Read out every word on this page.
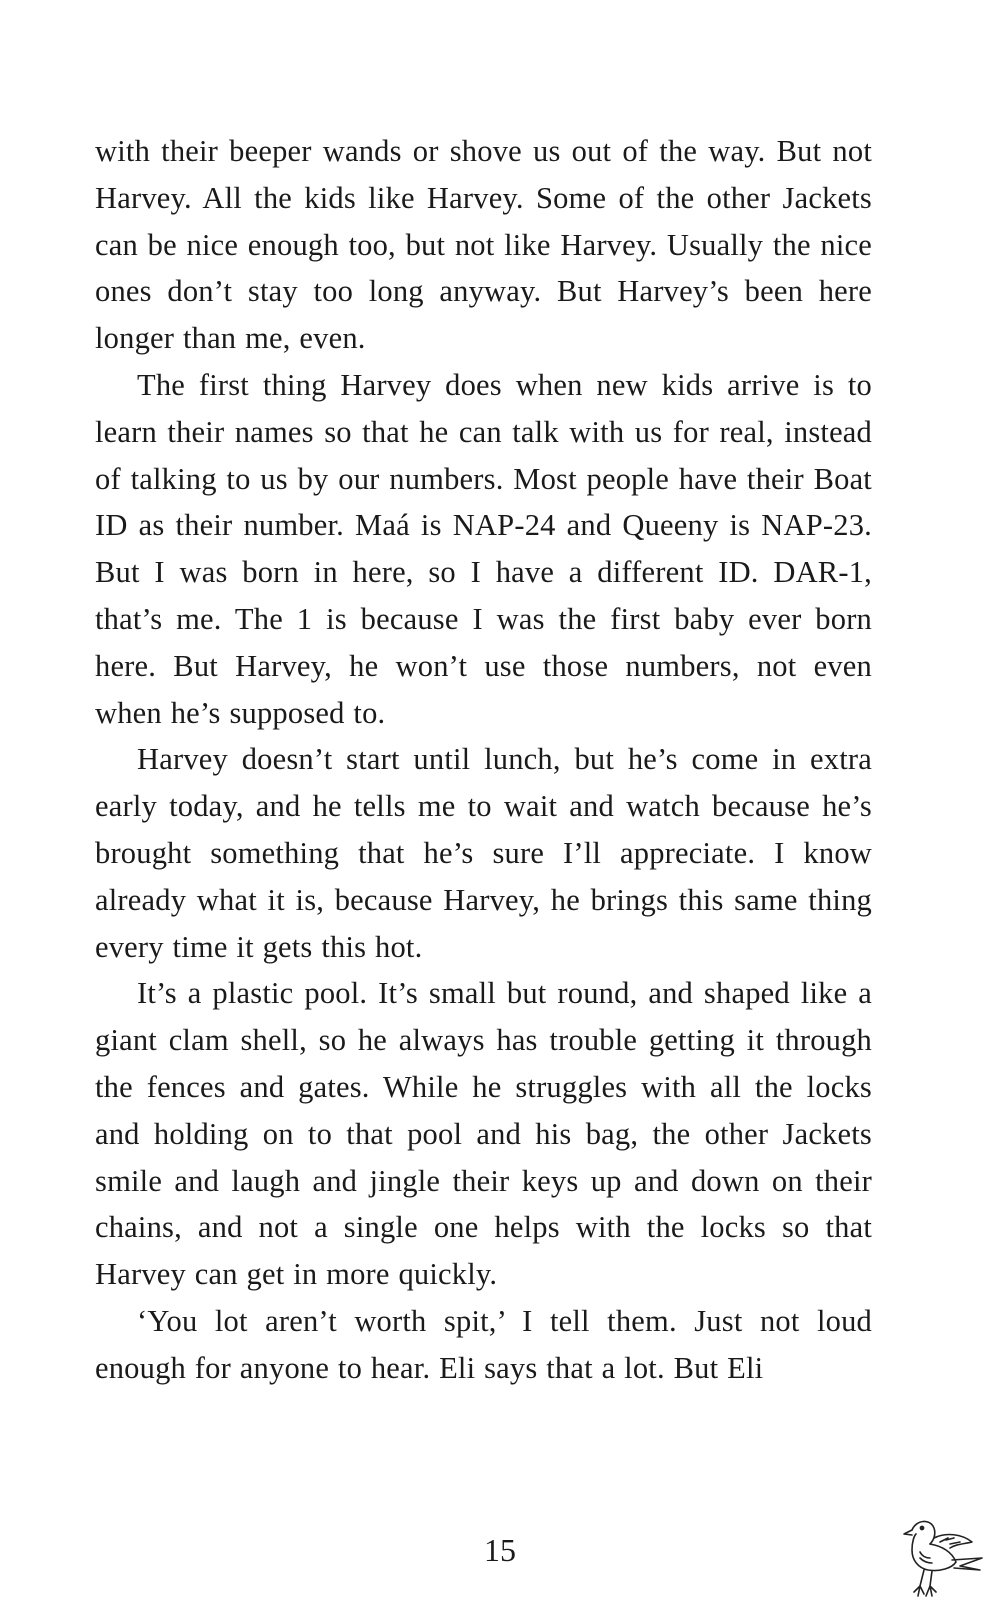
with their beeper wands or shove us out of the way. But not Harvey. All the kids like Harvey. Some of the other Jackets can be nice enough too, but not like Harvey. Usually the nice ones don’t stay too long anyway. But Harvey’s been here longer than me, even.

The first thing Harvey does when new kids arrive is to learn their names so that he can talk with us for real, instead of talking to us by our numbers. Most people have their Boat ID as their number. Maá is NAP-24 and Queeny is NAP-23. But I was born in here, so I have a different ID. DAR-1, that’s me. The 1 is because I was the first baby ever born here. But Harvey, he won’t use those numbers, not even when he’s supposed to.

Harvey doesn’t start until lunch, but he’s come in extra early today, and he tells me to wait and watch because he’s brought something that he’s sure I’ll appreciate. I know already what it is, because Harvey, he brings this same thing every time it gets this hot.

It’s a plastic pool. It’s small but round, and shaped like a giant clam shell, so he always has trouble getting it through the fences and gates. While he struggles with all the locks and holding on to that pool and his bag, the other Jackets smile and laugh and jingle their keys up and down on their chains, and not a single one helps with the locks so that Harvey can get in more quickly.

‘You lot aren’t worth spit,’ I tell them. Just not loud enough for anyone to hear. Eli says that a lot. But Eli

15
